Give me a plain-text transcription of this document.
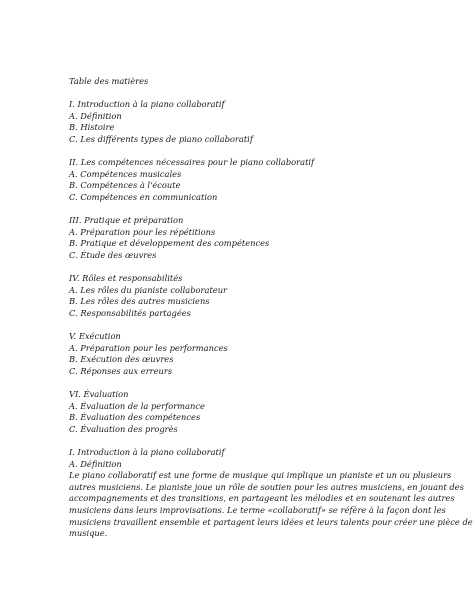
Table des matières
I. Introduction à la piano collaboratif
A. Définition
B. Histoire
C. Les différents types de piano collaboratif
II. Les compétences nécessaires pour le piano collaboratif
A. Compétences musicales
B. Compétences à l'écoute
C. Compétences en communication
III. Pratique et préparation
A. Préparation pour les répétitions
B. Pratique et développement des compétences
C. Étude des œuvres
IV. Rôles et responsabilités
A. Les rôles du pianiste collaborateur
B. Les rôles des autres musiciens
C. Responsabilités partagées
V. Exécution
A. Préparation pour les performances
B. Exécution des œuvres
C. Réponses aux erreurs
VI. Évaluation
A. Évaluation de la performance
B. Évaluation des compétences
C. Évaluation des progrès
I. Introduction à la piano collaboratif
A. Définition
Le piano collaboratif est une forme de musique qui implique un pianiste et un ou plusieurs
autres musiciens. Le pianiste joue un rôle de soutien pour les autres musiciens, en jouant des
accompagnements et des transitions, en partageant les mélodies et en soutenant les autres
musiciens dans leurs improvisations. Le terme «collaboratif» se réfère à la façon dont les
musiciens travaillent ensemble et partagent leurs idées et leurs talents pour créer une pièce de
musique.
